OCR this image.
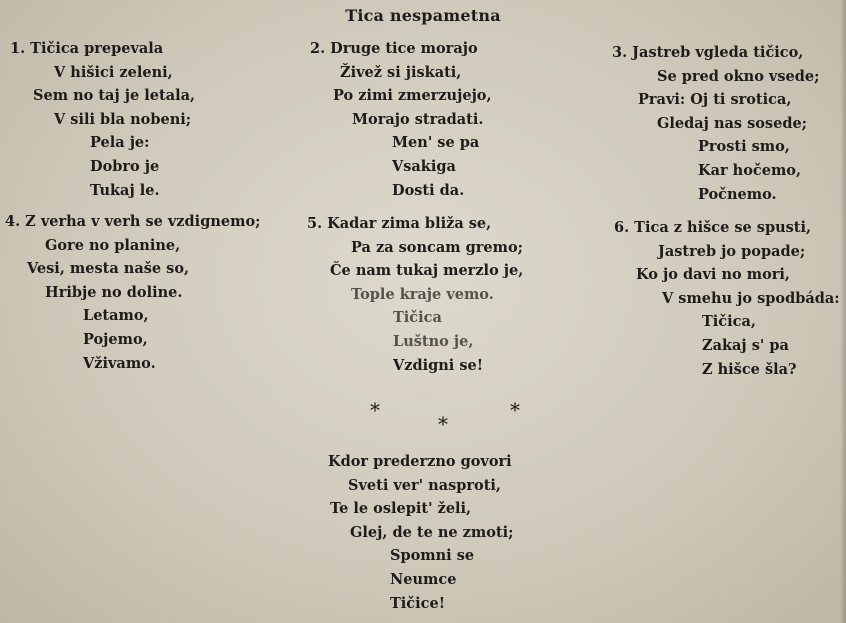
Tica nespametna
1. Tičica prepevala
V hišici zeleni,
Sem no taj je letala,
V sili bla nobeni;
Pela je:
Dobro je
Tukaj le.
2. Druge tice morajo
Živež si jiskati,
Po zimi zmerzujejo,
Morajo stradati.
Men' se pa
Vsakiga
Dosti da.
3. Jastreb vgleda tičico,
Se pred okno vsede;
Pravi: Oj ti srotica,
Gledaj nas sosede;
Prosti smo,
Kar hočemo,
Počnemo.
4. Z verha v verh se vzdignemo;
Gore no planine,
Vesi, mesta naše so,
Hribje no doline.
Letamo,
Pojemo,
Vživamo.
5. Kadar zima bliža se,
Pa za soncam gremo;
Če nam tukaj merzlo je,
Tople kraje vemo.
Tičica
Luštno je,
Vzdigni se!
6. Tica z hišce se spusti,
Jastreb jo popade;
Ko jo davi no mori,
V smehu jo spodbáda:
Tičica,
Zakaj s' pa
Z hišce šla?
*
*
*
Kdor prederzno govori
Sveti ver' nasproti,
Te le oslepit' želi,
Glej, de te ne zmoti;
Spomni se
Neumce
Tičice!
